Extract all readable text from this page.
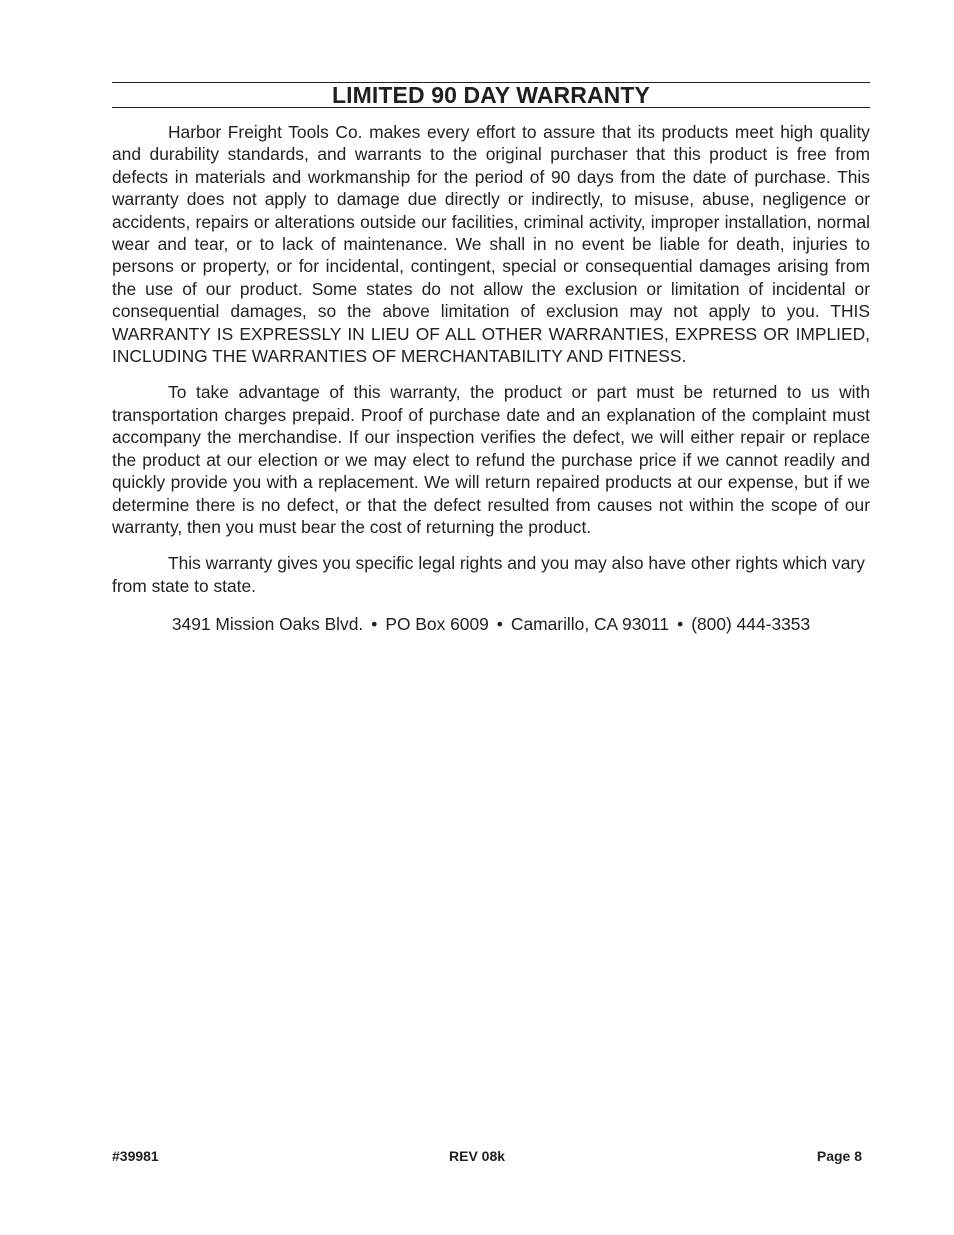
LIMITED 90 DAY WARRANTY

Harbor Freight Tools Co. makes every effort to assure that its products meet high quality and durability standards, and warrants to the original purchaser that this product is free from defects in materials and workmanship for the period of 90 days from the date of purchase. This warranty does not apply to damage due directly or indirectly, to misuse, abuse, negligence or accidents, repairs or alterations outside our facilities, criminal activity, improper installation, normal wear and tear, or to lack of maintenance. We shall in no event be liable for death, injuries to persons or property, or for incidental, contingent, special or consequential damages arising from the use of our product. Some states do not allow the exclusion or limitation of incidental or consequential damages, so the above limitation of exclusion may not apply to you. THIS WARRANTY IS EXPRESSLY IN LIEU OF ALL OTHER WARRANTIES, EXPRESS OR IMPLIED, INCLUDING THE WARRANTIES OF MERCHANTABILITY AND FITNESS.

To take advantage of this warranty, the product or part must be returned to us with transportation charges prepaid. Proof of purchase date and an explanation of the complaint must accompany the merchandise. If our inspection verifies the defect, we will either repair or replace the product at our election or we may elect to refund the purchase price if we cannot readily and quickly provide you with a replacement. We will return repaired products at our expense, but if we determine there is no defect, or that the defect resulted from causes not within the scope of our warranty, then you must bear the cost of returning the product.

This warranty gives you specific legal rights and you may also have other rights which vary from state to state.

3491 Mission Oaks Blvd. • PO Box 6009 • Camarillo, CA 93011 • (800) 444-3353

#39981	REV 08k	Page 8
